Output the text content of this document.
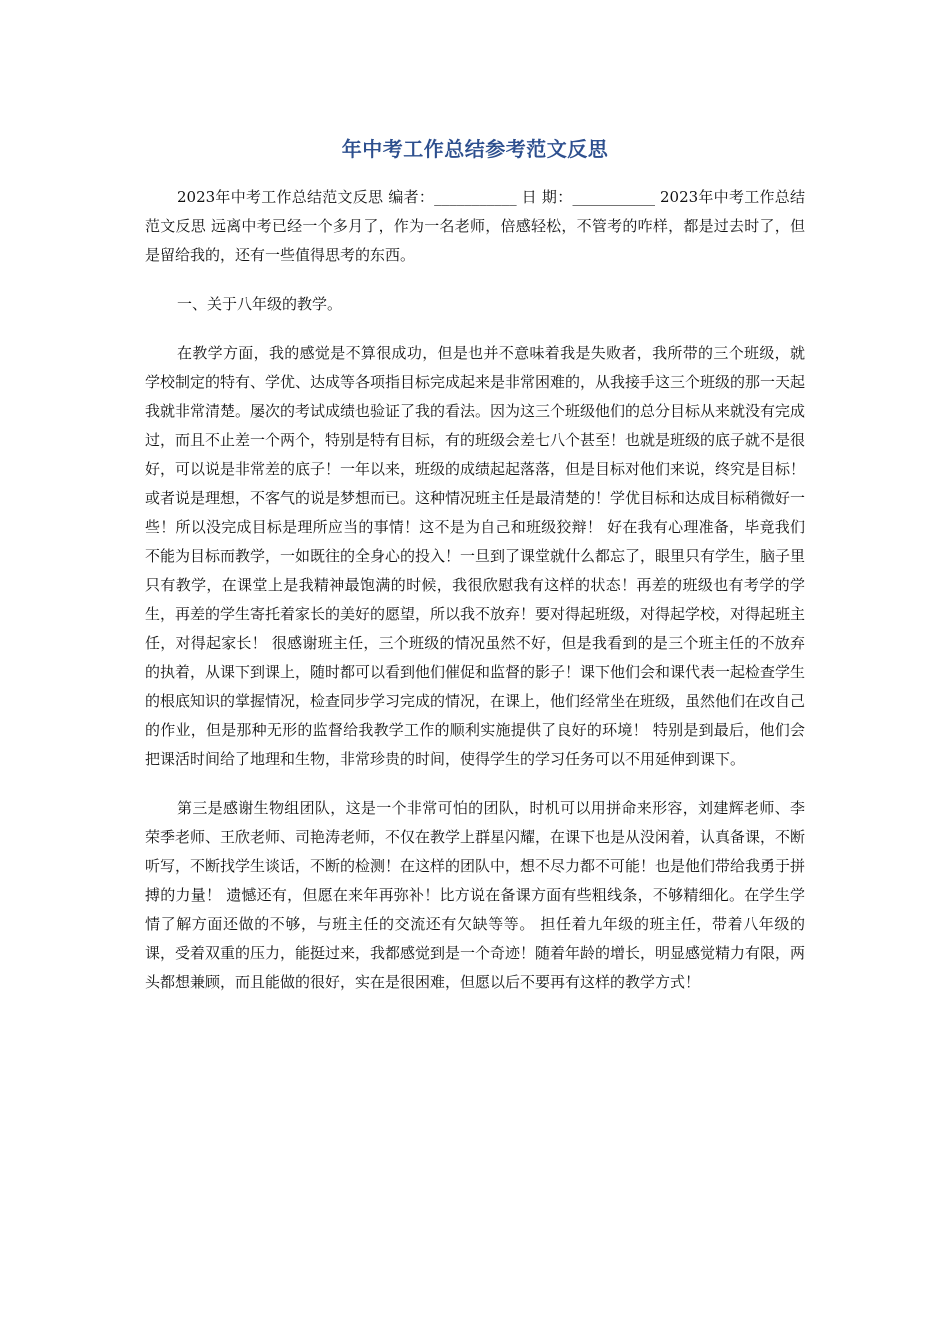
年中考工作总结参考范文反思

2023年中考工作总结范文反思 编者：___________ 日 期：___________ 2023年中考工作总结范文反思 远离中考已经一个多月了，作为一名老师，倍感轻松，不管考的咋样，都是过去时了，但是留给我的，还有一些值得思考的东西。

一、关于八年级的教学。

在教学方面，我的感觉是不算很成功，但是也并不意味着我是失败者，我所带的三个班级，就学校制定的特有、学优、达成等各项指目标完成起来是非常困难的，从我接手这三个班级的那一天起我就非常清楚。屡次的考试成绩也验证了我的看法。因为这三个班级他们的总分目标从来就没有完成过，而且不止差一个两个，特别是特有目标，有的班级会差七八个甚至！也就是班级的底子就不是很好，可以说是非常差的底子！一年以来，班级的成绩起起落落，但是目标对他们来说，终究是目标！或者说是理想，不客气的说是梦想而已。这种情况班主任是最清楚的！学优目标和达成目标稍微好一些！所以没完成目标是理所应当的事情！这不是为自己和班级狡辩！ 好在我有心理准备，毕竟我们不能为目标而教学，一如既往的全身心的投入！一旦到了课堂就什么都忘了，眼里只有学生，脑子里只有教学，在课堂上是我精神最饱满的时候，我很欣慰我有这样的状态！再差的班级也有考学的学生，再差的学生寄托着家长的美好的愿望，所以我不放弃！要对得起班级，对得起学校，对得起班主任，对得起家长！ 很感谢班主任，三个班级的情况虽然不好，但是我看到的是三个班主任的不放弃的执着，从课下到课上，随时都可以看到他们催促和监督的影子！课下他们会和课代表一起检查学生的根底知识的掌握情况，检查同步学习完成的情况，在课上，他们经常坐在班级，虽然他们在改自己的作业，但是那种无形的监督给我教学工作的顺利实施提供了良好的环境！ 特别是到最后，他们会把课活时间给了地理和生物，非常珍贵的时间，使得学生的学习任务可以不用延伸到课下。

第三是感谢生物组团队，这是一个非常可怕的团队，时机可以用拼命来形容，刘建辉老师、李荣季老师、王欣老师、司艳涛老师，不仅在教学上群星闪耀，在课下也是从没闲着，认真备课，不断听写，不断找学生谈话，不断的检测！在这样的团队中，想不尽力都不可能！也是他们带给我勇于拼搏的力量！ 遗憾还有，但愿在来年再弥补！比方说在备课方面有些粗线条，不够精细化。在学生学情了解方面还做的不够，与班主任的交流还有欠缺等等。 担任着九年级的班主任，带着八年级的课，受着双重的压力，能挺过来，我都感觉到是一个奇迹！随着年龄的增长，明显感觉精力有限，两头都想兼顾，而且能做的很好，实在是很困难，但愿以后不要再有这样的教学方式！
